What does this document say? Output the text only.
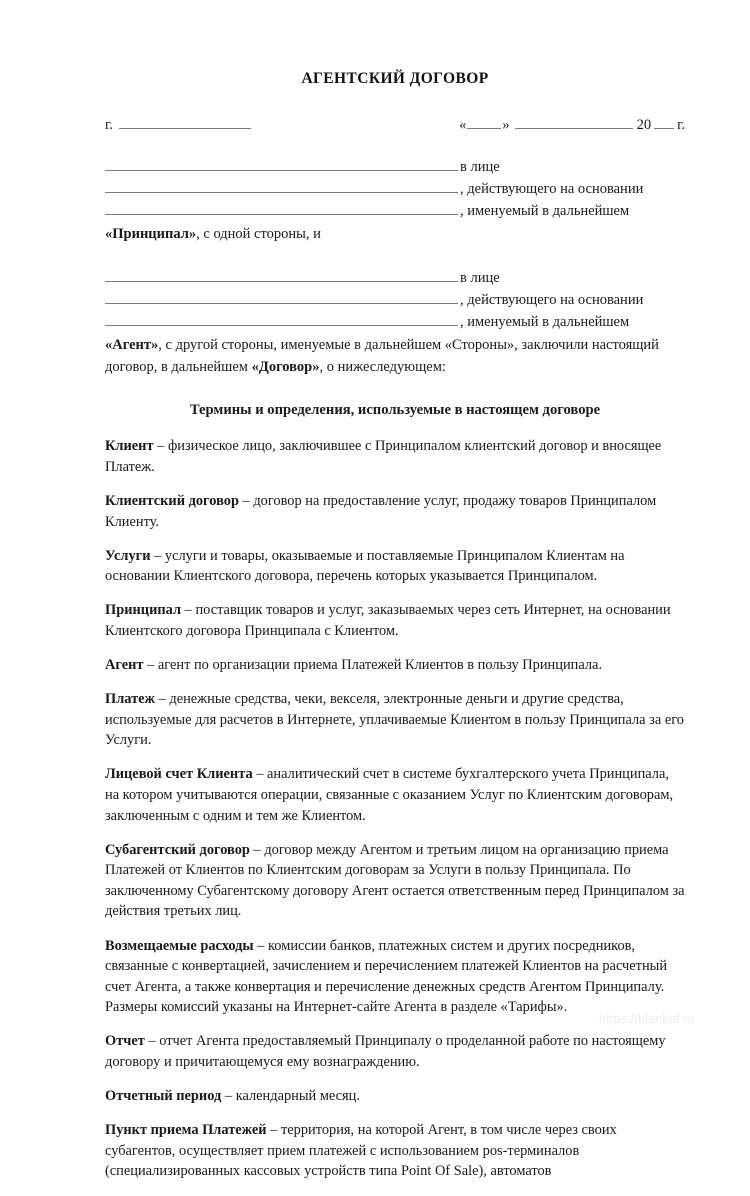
АГЕНТСКИЙ ДОГОВОР
г.	« »	20 г.
в лице
, действующего на основании
, именуемый в дальнейшем
«Принципал», с одной стороны, и
в лице
, действующего на основании
, именуемый в дальнейшем
«Агент», с другой стороны, именуемые в дальнейшем «Стороны», заключили настоящий
договор, в дальнейшем «Договор», о нижеследующем:
Термины и определения, используемые в настоящем договоре
Клиент – физическое лицо, заключившее с Принципалом клиентский договор и вносящее Платеж.
Клиентский договор – договор на предоставление услуг, продажу товаров Принципалом Клиенту.
Услуги – услуги и товары, оказываемые и поставляемые Принципалом Клиентам на основании Клиентского договора, перечень которых указывается Принципалом.
Принципал – поставщик товаров и услуг, заказываемых через сеть Интернет, на основании Клиентского договора Принципала с Клиентом.
Агент – агент по организации приема Платежей Клиентов в пользу Принципала.
Платеж – денежные средства, чеки, векселя, электронные деньги и другие средства, используемые для расчетов в Интернете, уплачиваемые Клиентом в пользу Принципала за его Услуги.
Лицевой счет Клиента – аналитический счет в системе бухгалтерского учета Принципала, на котором учитываются операции, связанные с оказанием Услуг по Клиентским договорам, заключенным с одним и тем же Клиентом.
Субагентский договор – договор между Агентом и третьим лицом на организацию приема Платежей от Клиентов по Клиентским договорам за Услуги в пользу Принципала. По заключенному Субагентскому договору Агент остается ответственным перед Принципалом за действия третьих лиц.
Возмещаемые расходы – комиссии банков, платежных систем и других посредников, связанные с конвертацией, зачислением и перечислением платежей Клиентов на расчетный счет Агента, а также конвертация и перечисление денежных средств Агентом Принципалу. Размеры комиссий указаны на Интернет-сайте Агента в разделе «Тарифы».
Отчет – отчет Агента предоставляемый Принципалу о проделанной работе по настоящему договору и причитающемуся ему вознаграждению.
Отчетный период – календарный месяц.
Пункт приема Платежей – территория, на которой Агент, в том числе через своих субагентов, осуществляет прием платежей с использованием pos-терминалов (специализированных кассовых устройств типа Point Of Sale), автоматов
https://blankof.ru
